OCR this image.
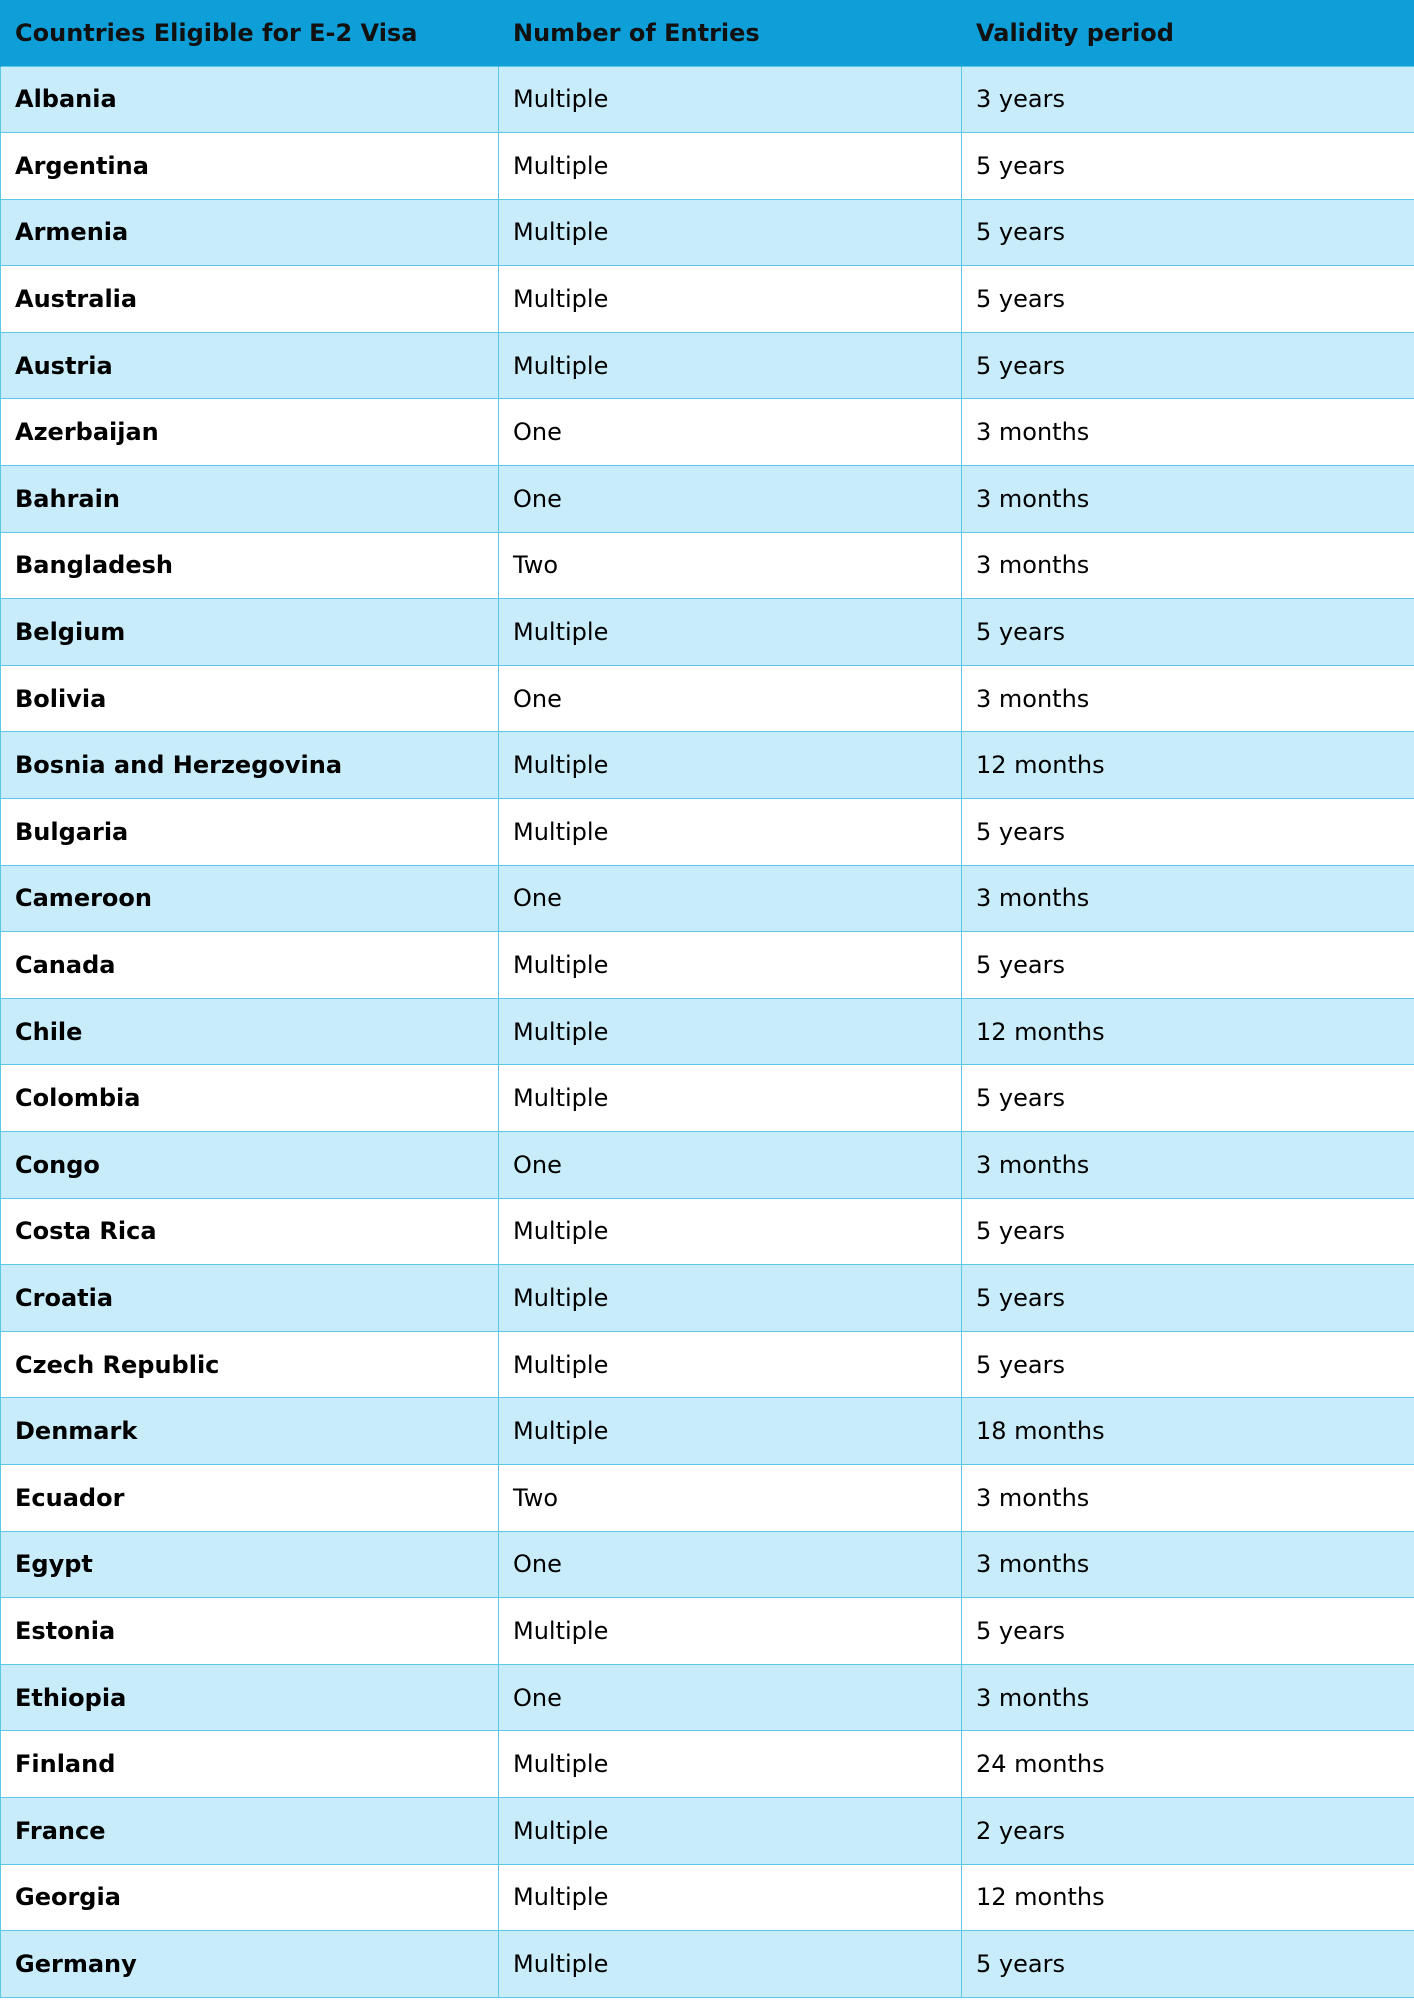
Countries Eligible for E-2 Visa	Number of Entries	Validity period
Albania	Multiple	3 years
Argentina	Multiple	5 years
Armenia	Multiple	5 years
Australia	Multiple	5 years
Austria	Multiple	5 years
Azerbaijan	One	3 months
Bahrain	One	3 months
Bangladesh	Two	3 months
Belgium	Multiple	5 years
Bolivia	One	3 months
Bosnia and Herzegovina	Multiple	12 months
Bulgaria	Multiple	5 years
Cameroon	One	3 months
Canada	Multiple	5 years
Chile	Multiple	12 months
Colombia	Multiple	5 years
Congo	One	3 months
Costa Rica	Multiple	5 years
Croatia	Multiple	5 years
Czech Republic	Multiple	5 years
Denmark	Multiple	18 months
Ecuador	Two	3 months
Egypt	One	3 months
Estonia	Multiple	5 years
Ethiopia	One	3 months
Finland	Multiple	24 months
France	Multiple	2 years
Georgia	Multiple	12 months
Germany	Multiple	5 years
